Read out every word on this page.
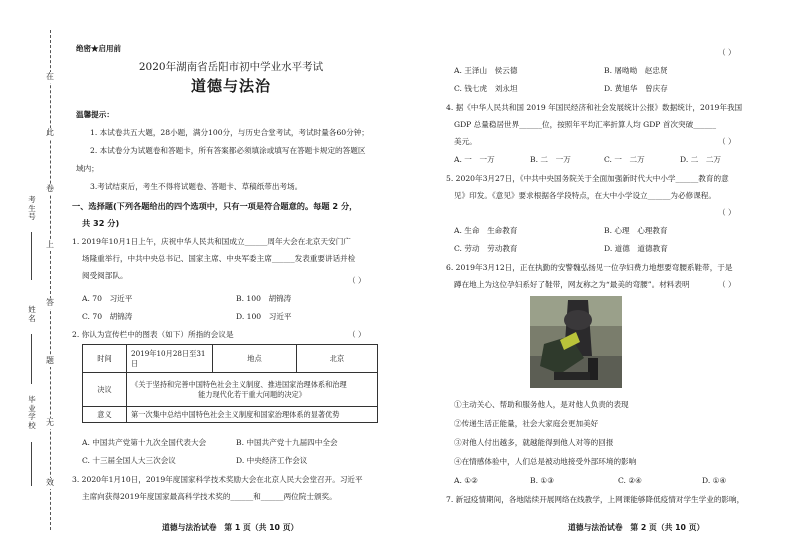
在
此
卷
上
答
题
无
效
考生号
姓名
毕业学校
绝密★启用前
2020年湖南省岳阳市初中学业水平考试
道德与法治
温馨提示：
1. 本试卷共五大题，28小题，满分100分，与历史合堂考试，考试时量各60分钟；
2. 本试卷分为试题卷和答题卡，所有答案都必须填涂或填写在答题卡规定的答题区
域内；
3.考试结束后，考生不得将试题卷、答题卡、草稿纸带出考场。
一、选择题(下列各题给出的四个选项中，只有一项是符合题意的。每题 2 分，
共 32 分)
1. 2019年10月1日上午，庆祝中华人民共和国成立______周年大会在北京天安门广
场隆重举行，中共中央总书记、国家主席、中央军委主席______发表重要讲话并检
阅受阅部队。
（ ）
A. 70　习近平	B. 100　胡锦涛
C. 70　胡锦涛	D. 100　习近平
2. 你认为宣传栏中的图表（如下）所指的会议是	（ ）
时间	2019年10月28日至31日	地点	北京
决议	《关于坚持和完善中国特色社会主义制度、推进国家治理体系和治理
能力现代化若干重大问题的决定》		

意义	第一次集中总结中国特色社会主义制度和国家治理体系的显著优势		
A. 中国共产党第十九次全国代表大会	B. 中国共产党十九届四中全会
C. 十三届全国人大三次会议	D. 中央经济工作会议
3. 2020年1月10日，2019年度国家科学技术奖励大会在北京人民大会堂召开。习近平
主席向获得2019年度国家最高科学技术奖的______和______两位院士颁奖。
道德与法治试卷　第 1 页（共 10 页）
（ ）
A. 王泽山　侯云德	B. 屠呦呦　赵忠贤
C. 钱七虎　刘永坦	D. 黄旭华　曾庆存
4. 据《中华人民共和国 2019 年国民经济和社会发展统计公报》数据统计，2019年我国
GDP 总量稳居世界______位，按照年平均汇率折算人均 GDP 首次突破______
美元。	（ ）
A. 一　一万	B. 二　一万	C. 一　二万	D. 二　二万
5. 2020年3月27日，《中共中央国务院关于全面加强新时代大中小学______教育的意
见》印发。《意见》要求根据各学段特点，在大中小学设立______为必修课程。
（ ）
A. 生命　生命教育	B. 心理　心理教育
C. 劳动　劳动教育	D. 道德　道德教育
6. 2019年3月12日，正在执勤的安警魏弘扬见一位孕妇费力地想要弯腰系鞋带，于是
蹲在地上为这位孕妇系好了鞋带，网友称之为“最美的弯腰”。材料表明	（ ）
①主动关心、帮助和服务他人，是对他人负责的表现
②传递生活正能量，社会大家庭会更加美好
③对他人付出越多，就越能得到他人对等的回报
④在情感体验中，人们总是被动地接受外部环境的影响
A. ①②	B. ①③	C. ②④	D. ①④
7. 新冠疫情期间，各地陆续开展网络在线教学，上网课能够降低疫情对学生学业的影响，
道德与法治试卷　第 2 页（共 10 页）
